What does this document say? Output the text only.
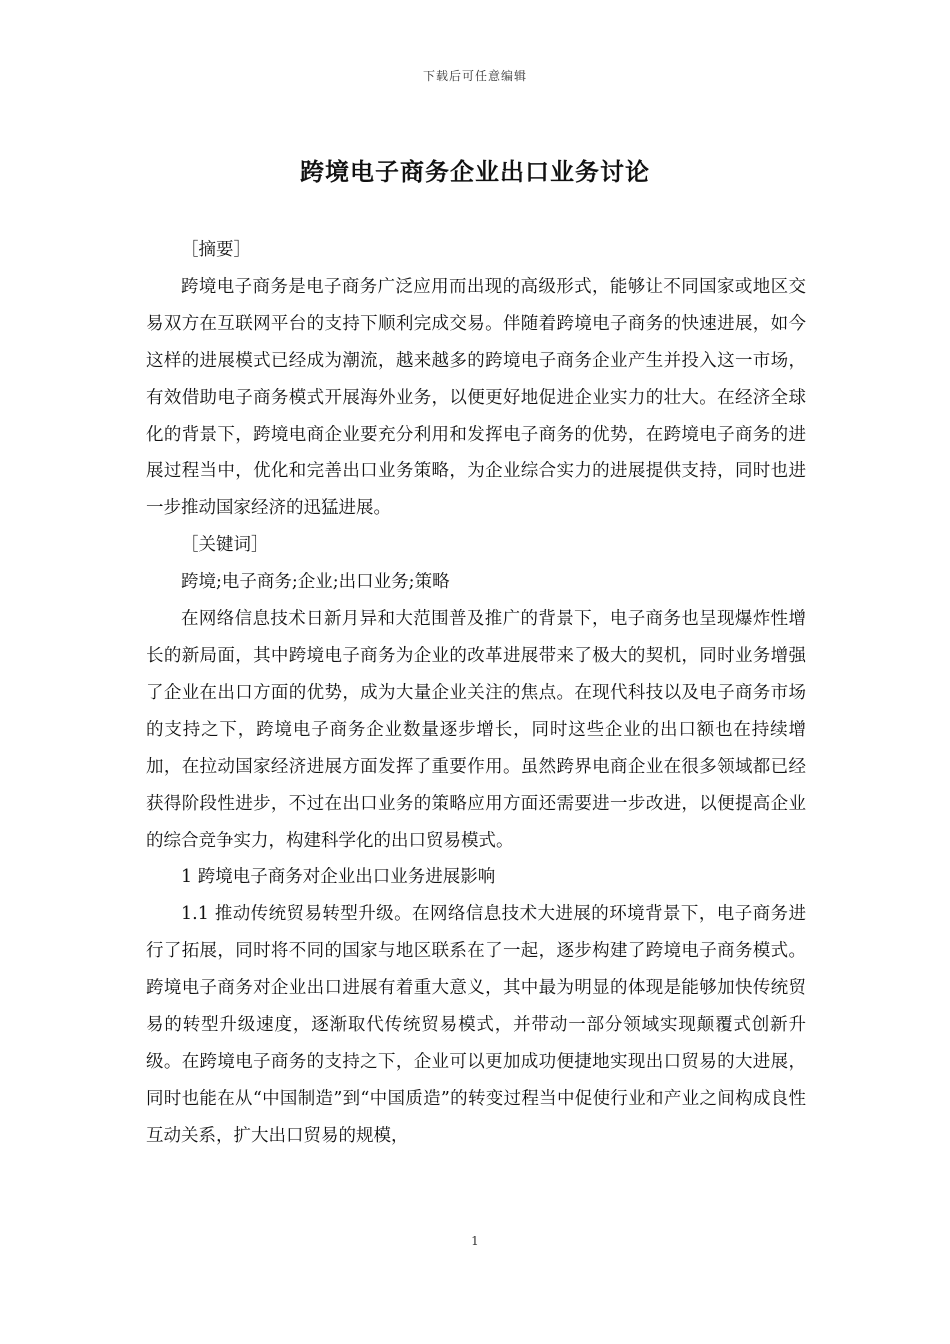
下载后可任意编辑
跨境电子商务企业出口业务讨论

［摘要］

跨境电子商务是电子商务广泛应用而出现的高级形式，能够让不同国家或地区交易双方在互联网平台的支持下顺利完成交易。伴随着跨境电子商务的快速进展，如今这样的进展模式已经成为潮流，越来越多的跨境电子商务企业产生并投入这一市场，有效借助电子商务模式开展海外业务，以便更好地促进企业实力的壮大。在经济全球化的背景下，跨境电商企业要充分利用和发挥电子商务的优势，在跨境电子商务的进展过程当中，优化和完善出口业务策略，为企业综合实力的进展提供支持，同时也进一步推动国家经济的迅猛进展。

［关键词］

跨境;电子商务;企业;出口业务;策略

在网络信息技术日新月异和大范围普及推广的背景下，电子商务也呈现爆炸性增长的新局面，其中跨境电子商务为企业的改革进展带来了极大的契机，同时业务增强了企业在出口方面的优势，成为大量企业关注的焦点。在现代科技以及电子商务市场的支持之下，跨境电子商务企业数量逐步增长，同时这些企业的出口额也在持续增加，在拉动国家经济进展方面发挥了重要作用。虽然跨界电商企业在很多领域都已经获得阶段性进步，不过在出口业务的策略应用方面还需要进一步改进，以便提高企业的综合竞争实力，构建科学化的出口贸易模式。

1 跨境电子商务对企业出口业务进展影响

1.1 推动传统贸易转型升级。在网络信息技术大进展的环境背景下，电子商务进行了拓展，同时将不同的国家与地区联系在了一起，逐步构建了跨境电子商务模式。跨境电子商务对企业出口进展有着重大意义，其中最为明显的体现是能够加快传统贸易的转型升级速度，逐渐取代传统贸易模式，并带动一部分领域实现颠覆式创新升级。在跨境电子商务的支持之下，企业可以更加成功便捷地实现出口贸易的大进展，同时也能在从“中国制造”到“中国质造”的转变过程当中促使行业和产业之间构成良性互动关系，扩大出口贸易的规模，

1
